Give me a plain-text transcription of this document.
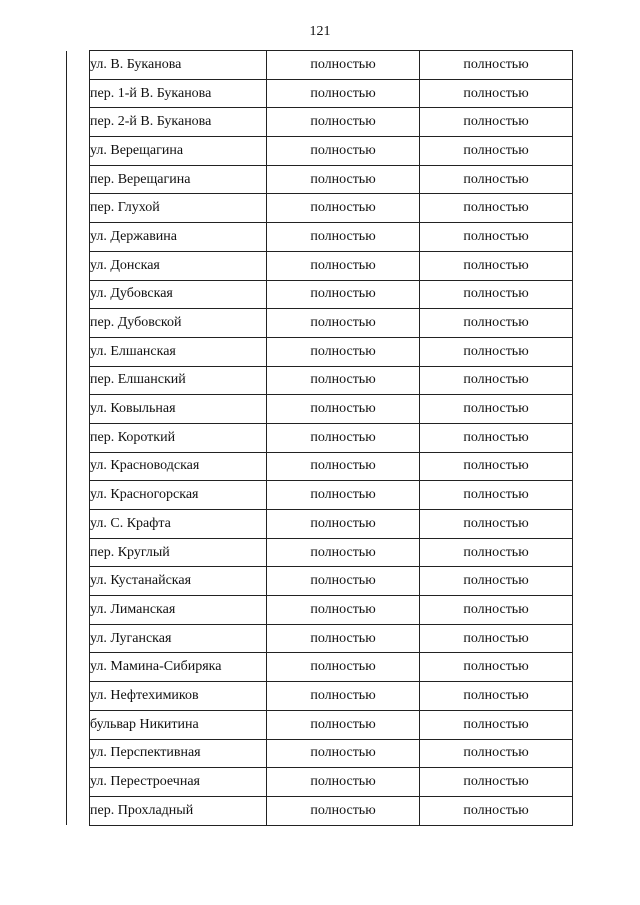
121
	ул. В. Буканова	полностью	полностью
	пер. 1-й В. Буканова	полностью	полностью
	пер. 2-й В. Буканова	полностью	полностью
	ул. Верещагина	полностью	полностью
	пер. Верещагина	полностью	полностью
	пер. Глухой	полностью	полностью
	ул. Державина	полностью	полностью
	ул. Донская	полностью	полностью
	ул. Дубовская	полностью	полностью
	пер. Дубовской	полностью	полностью
	ул. Елшанская	полностью	полностью
	пер. Елшанский	полностью	полностью
	ул. Ковыльная	полностью	полностью
	пер. Короткий	полностью	полностью
	ул. Красноводская	полностью	полностью
	ул. Красногорская	полностью	полностью
	ул. С. Крафта	полностью	полностью
	пер. Круглый	полностью	полностью
	ул. Кустанайская	полностью	полностью
	ул. Лиманская	полностью	полностью
	ул. Луганская	полностью	полностью
	ул. Мамина-Сибиряка	полностью	полностью
	ул. Нефтехимиков	полностью	полностью
	бульвар Никитина	полностью	полностью
	ул. Перспективная	полностью	полностью
	ул. Перестроечная	полностью	полностью
	пер. Прохладный	полностью	полностью
